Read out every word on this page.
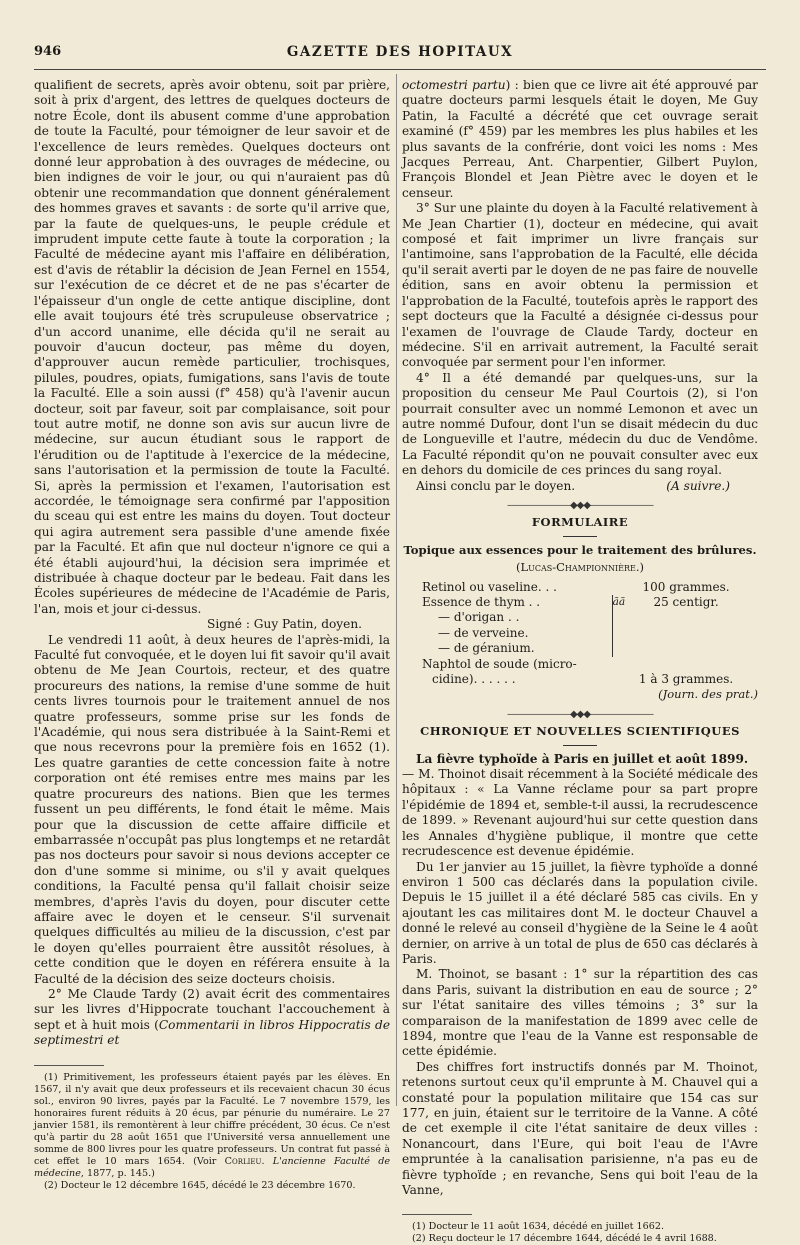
946	GAZETTE DES HOPITAUX

qualifient de secrets, après avoir obtenu, soit par prière, soit à prix d'argent, des lettres de quelques docteurs de notre École, dont ils abusent comme d'une approbation de toute la Faculté, pour témoigner de leur savoir et de l'excellence de leurs remèdes. Quelques docteurs ont donné leur approbation à des ouvrages de médecine, ou bien indignes de voir le jour, ou qui n'auraient pas dû obtenir une recommandation que donnent généralement des hommes graves et savants : de sorte qu'il arrive que, par la faute de quelques-uns, le peuple crédule et imprudent impute cette faute à toute la corporation ; la Faculté de médecine ayant mis l'affaire en délibération, est d'avis de rétablir la décision de Jean Fernel en 1554, sur l'exécution de ce décret et de ne pas s'écarter de l'épaisseur d'un ongle de cette antique discipline, dont elle avait toujours été très scrupuleuse observatrice ; d'un accord unanime, elle décida qu'il ne serait au pouvoir d'aucun docteur, pas même du doyen, d'approuver aucun remède particulier, trochisques, pilules, poudres, opiats, fumigations, sans l'avis de toute la Faculté. Elle a soin aussi (f° 458) qu'à l'avenir aucun docteur, soit par faveur, soit par complaisance, soit pour tout autre motif, ne donne son avis sur aucun livre de médecine, sur aucun étudiant sous le rapport de l'érudition ou de l'aptitude à l'exercice de la médecine, sans l'autorisation et la permission de toute la Faculté. Si, après la permission et l'examen, l'autorisation est accordée, le témoignage sera confirmé par l'apposition du sceau qui est entre les mains du doyen. Tout docteur qui agira autrement sera passible d'une amende fixée par la Faculté. Et afin que nul docteur n'ignore ce qui a été établi aujourd'hui, la décision sera imprimée et distribuée à chaque docteur par le bedeau. Fait dans les Écoles supérieures de médecine de l'Académie de Paris, l'an, mois et jour ci-dessus.

Signé : Guy Patin, doyen.

Le vendredi 11 août, à deux heures de l'après-midi, la Faculté fut convoquée, et le doyen lui fit savoir qu'il avait obtenu de Me Jean Courtois, recteur, et des quatre procureurs des nations, la remise d'une somme de huit cents livres tournois pour le traitement annuel de nos quatre professeurs, somme prise sur les fonds de l'Académie, qui nous sera distribuée à la Saint-Remi et que nous recevrons pour la première fois en 1652 (1). Les quatre garanties de cette concession faite à notre corporation ont été remises entre mes mains par les quatre procureurs des nations. Bien que les termes fussent un peu différents, le fond était le même. Mais pour que la discussion de cette affaire difficile et embarrassée n'occupât pas plus longtemps et ne retardât pas nos docteurs pour savoir si nous devions accepter ce don d'une somme si minime, ou s'il y avait quelques conditions, la Faculté pensa qu'il fallait choisir seize membres, d'après l'avis du doyen, pour discuter cette affaire avec le doyen et le censeur. S'il survenait quelques difficultés au milieu de la discussion, c'est par le doyen qu'elles pourraient être aussitôt résolues, à cette condition que le doyen en référera ensuite à la Faculté de la décision des seize docteurs choisis.

2° Me Claude Tardy (2) avait écrit des commentaires sur les livres d'Hippocrate touchant l'accouchement à sept et à huit mois (Commentarii in libros Hippocratis de septimestri et

(1) Primitivement, les professeurs étaient payés par les élèves. En 1567, il n'y avait que deux professeurs et ils recevaient chacun 30 écus sol., environ 90 livres, payés par la Faculté. Le 7 novembre 1579, les honoraires furent réduits à 20 écus, par pénurie du numéraire. Le 27 janvier 1581, ils remontèrent à leur chiffre précédent, 30 écus. Ce n'est qu'à partir du 28 août 1651 que l'Université versa annuellement une somme de 800 livres pour les quatre professeurs. Un contrat fut passé à cet effet le 10 mars 1654. (Voir Corlieu. L'ancienne Faculté de médecine, 1877, p. 145.)

(2) Docteur le 12 décembre 1645, décédé le 23 décembre 1670.

octomestri partu) : bien que ce livre ait été approuvé par quatre docteurs parmi lesquels était le doyen, Me Guy Patin, la Faculté a décrété que cet ouvrage serait examiné (f° 459) par les membres les plus habiles et les plus savants de la confrérie, dont voici les noms : Mes Jacques Perreau, Ant. Charpentier, Gilbert Puylon, François Blondel et Jean Piètre avec le doyen et le censeur.

3° Sur une plainte du doyen à la Faculté relativement à Me Jean Chartier (1), docteur en médecine, qui avait composé et fait imprimer un livre français sur l'antimoine, sans l'approbation de la Faculté, elle décida qu'il serait averti par le doyen de ne pas faire de nouvelle édition, sans en avoir obtenu la permission et l'approbation de la Faculté, toutefois après le rapport des sept docteurs que la Faculté a désignée ci-dessus pour l'examen de l'ouvrage de Claude Tardy, docteur en médecine. S'il en arrivait autrement, la Faculté serait convoquée par serment pour l'en informer.

4° Il a été demandé par quelques-uns, sur la proposition du censeur Me Paul Courtois (2), si l'on pourrait consulter avec un nommé Lemonon et avec un autre nommé Dufour, dont l'un se disait médecin du duc de Longueville et l'autre, médecin du duc de Vendôme. La Faculté répondit qu'on ne pouvait consulter avec eux en dehors du domicile de ces princes du sang royal.

Ainsi conclu par le doyen.	(A suivre.)

———————◆◆◆———————
FORMULAIRE
Topique aux essences pour le traitement des brûlures.
(Lucas-Championnière.)
Retinol ou vaseline. . .		100 grammes.
Essence de thym . .	ãã	25 centigr.
— d'origan . .		
— de verveine.		
— de géranium.		
Naphtol de soude (micro-		
cidine). . . . . .		1 à 3 grammes.
(Journ. des prat.)
———————◆◆◆———————
CHRONIQUE ET NOUVELLES SCIENTIFIQUES

La fièvre typhoïde à Paris en juillet et août 1899.

— M. Thoinot disait récemment à la Société médicale des hôpitaux : « La Vanne réclame pour sa part propre l'épidémie de 1894 et, semble-t-il aussi, la recrudescence de 1899. » Revenant aujourd'hui sur cette question dans les Annales d'hygiène publique, il montre que cette recrudescence est devenue épidémie.

Du 1er janvier au 15 juillet, la fièvre typhoïde a donné environ 1 500 cas déclarés dans la population civile. Depuis le 15 juillet il a été déclaré 585 cas civils. En y ajoutant les cas militaires dont M. le docteur Chauvel a donné le relevé au conseil d'hygiène de la Seine le 4 août dernier, on arrive à un total de plus de 650 cas déclarés à Paris.

M. Thoinot, se basant : 1° sur la répartition des cas dans Paris, suivant la distribution en eau de source ; 2° sur l'état sanitaire des villes témoins ; 3° sur la comparaison de la manifestation de 1899 avec celle de 1894, montre que l'eau de la Vanne est responsable de cette épidémie.

Des chiffres fort instructifs donnés par M. Thoinot, retenons surtout ceux qu'il emprunte à M. Chauvel qui a constaté pour la population militaire que 154 cas sur 177, en juin, étaient sur le territoire de la Vanne. A côté de cet exemple il cite l'état sanitaire de deux villes : Nonancourt, dans l'Eure, qui boit l'eau de l'Avre empruntée à la canalisation parisienne, n'a pas eu de fièvre typhoïde ; en revanche, Sens qui boit l'eau de la Vanne,

(1) Docteur le 11 août 1634, décédé en juillet 1662.

(2) Reçu docteur le 17 décembre 1644, décédé le 4 avril 1688.
